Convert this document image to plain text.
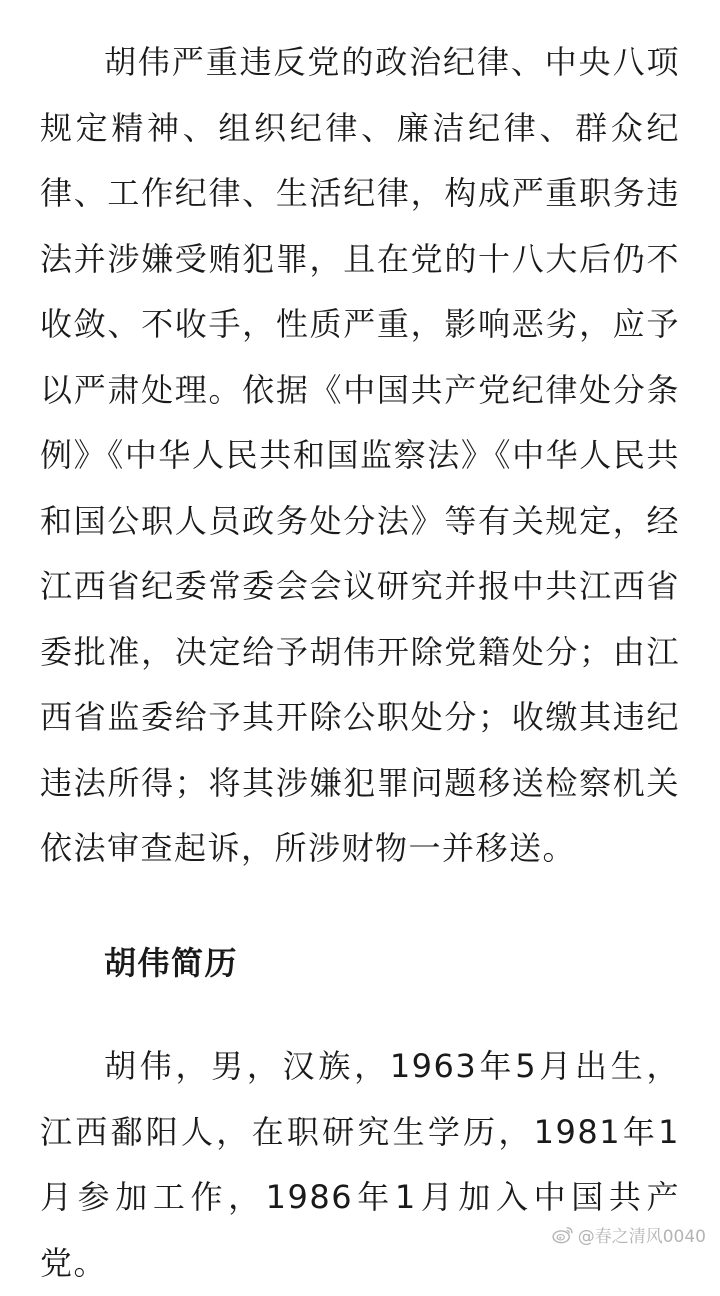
胡伟严重违反党的政治纪律、中央八项规定精神、组织纪律、廉洁纪律、群众纪律、工作纪律、生活纪律，构成严重职务违法并涉嫌受贿犯罪，且在党的十八大后仍不收敛、不收手，性质严重，影响恶劣，应予以严肃处理。依据《中国共产党纪律处分条例》《中华人民共和国监察法》《中华人民共和国公职人员政务处分法》等有关规定，经江西省纪委常委会会议研究并报中共江西省委批准，决定给予胡伟开除党籍处分；由江西省监委给予其开除公职处分；收缴其违纪违法所得；将其涉嫌犯罪问题移送检察机关依法审查起诉，所涉财物一并移送。

胡伟简历

胡伟，男，汉族，1963年5月出生，江西鄱阳人，在职研究生学历，1981年1月参加工作，1986年1月加入中国共产党。

@春之清风0040
